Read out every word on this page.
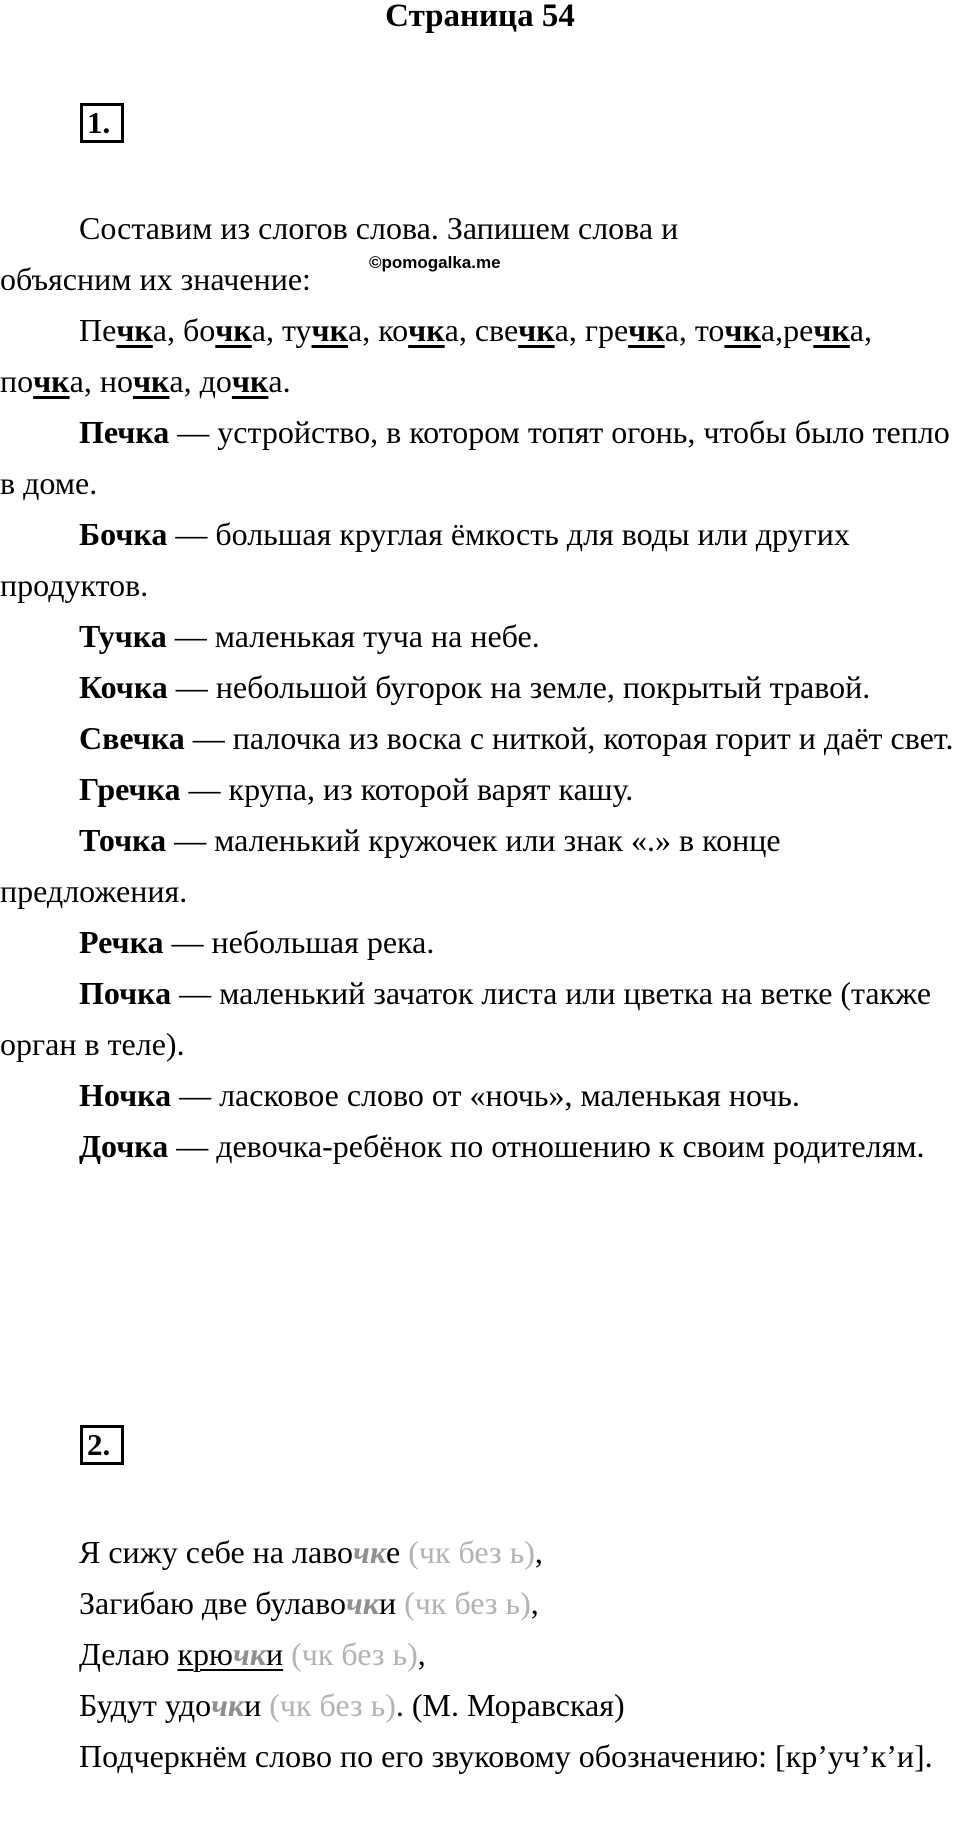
Страница 54
©pomogalka.me
1.

Составим из слогов слова. Запишем слова и
объясним их значение:

Печка, бочка, тучка, кочка, свечка, гречка, точка,речка, почка, ночка, дочка.

Печка — устройство, в котором топят огонь, чтобы было тепло в доме.

Бочка — большая круглая ёмкость для воды или других продуктов.

Тучка — маленькая туча на небе.

Кочка — небольшой бугорок на земле, покрытый травой.

Свечка — палочка из воска с ниткой, которая горит и даёт свет.

Гречка — крупа, из которой варят кашу.

Точка — маленький кружочек или знак «.» в конце предложения.

Речка — небольшая река.

Почка — маленький зачаток листа или цветка на ветке (также орган в теле).

Ночка — ласковое слово от «ночь», маленькая ночь.

Дочка — девочка-ребёнок по отношению к своим родителям.

2.

Я сижу себе на лавочке (чк без ь),

Загибаю две булавочки (чк без ь),

Делаю крючки (чк без ь),

Будут удочки (чк без ь). (М. Моравская)

Подчеркнём слово по его звуковому обозначению: [кр’уч’к’и].
